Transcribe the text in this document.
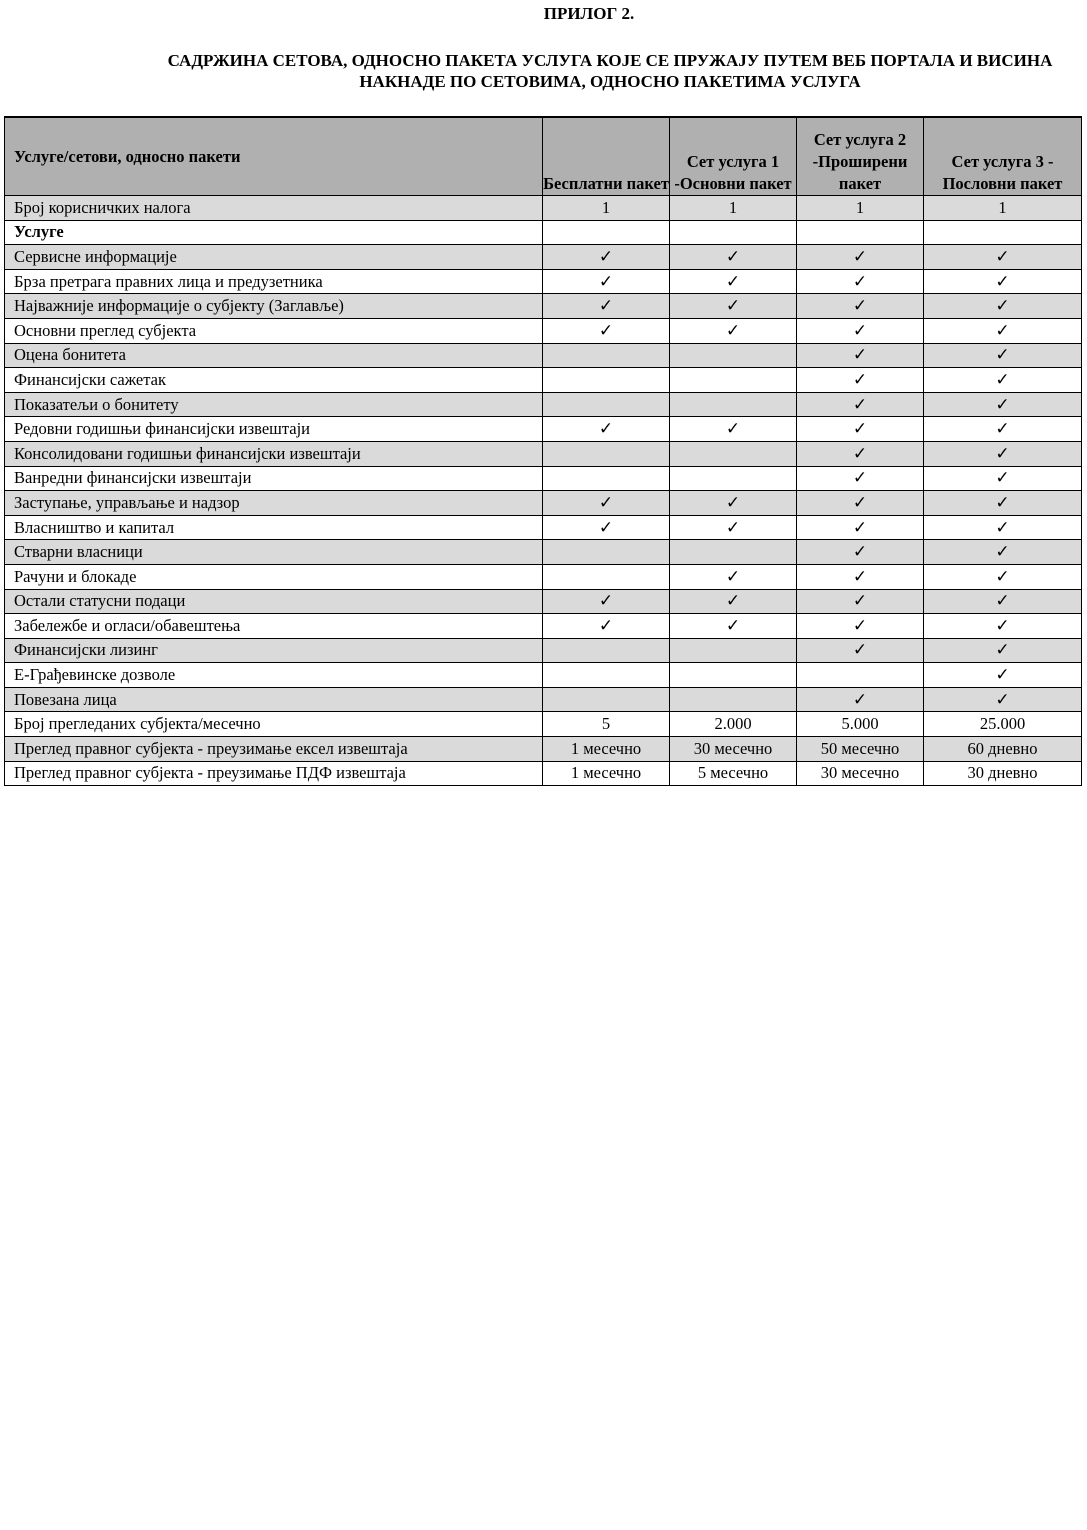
ПРИЛОГ 2.
САДРЖИНА СЕТОВА, ОДНОСНО ПАКЕТА УСЛУГА КОЈЕ СЕ ПРУЖАЈУ ПУТЕМ ВЕБ ПОРТАЛА И ВИСИНА
НАКНАДЕ ПО СЕТОВИМА, ОДНОСНО ПАКЕТИМА УСЛУГА
Услуге/сетови, односно пакети	Бесплатни пакет	Сет услуга 1 -Основни пакет	Сет услуга 2 -Проширени пакет	Сет услуга 3 - Пословни пакет
Број корисничких налога	1	1	1	1
Услуге				
Сервисне информације	✓	✓	✓	✓
Брза претрага правних лица и предузетника	✓	✓	✓	✓
Најважније информације о субјекту (Заглавље)	✓	✓	✓	✓
Основни преглед субјекта	✓	✓	✓	✓
Оцена бонитета			✓	✓
Финансијски сажетак			✓	✓
Показатељи о бонитету			✓	✓
Редовни годишњи финансијски извештаји	✓	✓	✓	✓
Консолидовани годишњи финансијски извештаји			✓	✓
Ванредни финансијски извештаји			✓	✓
Заступање, управљање и надзор	✓	✓	✓	✓
Власништво и капитал	✓	✓	✓	✓
Стварни власници			✓	✓
Рачуни и блокаде		✓	✓	✓
Остали статусни подаци	✓	✓	✓	✓
Забележбе и огласи/обавештења	✓	✓	✓	✓
Финансијски лизинг			✓	✓
Е-Грађевинске дозволе				✓
Повезана лица			✓	✓
Број прегледаних субјекта/месечно	5	2.000	5.000	25.000
Преглед правног субјекта - преузимање ексел извештаја	1 месечно	30 месечно	50 месечно	60 дневно
Преглед правног субјекта - преузимање ПДФ извештаја	1 месечно	5 месечно	30 месечно	30 дневно
